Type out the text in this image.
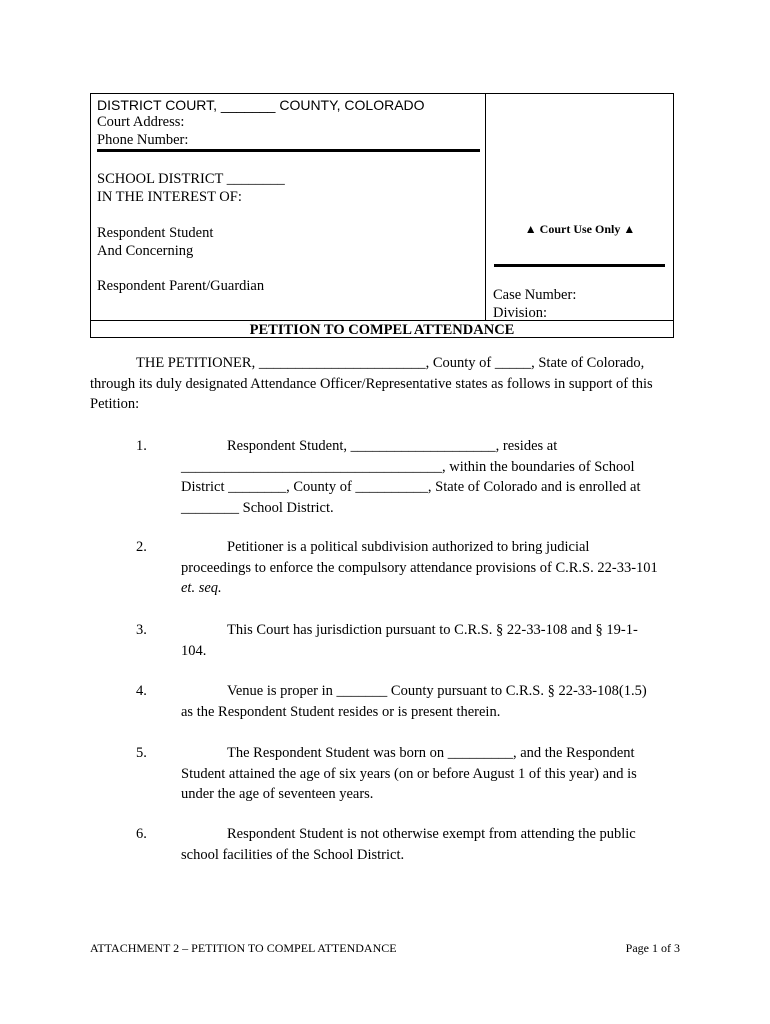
DISTRICT COURT, _______ COUNTY, COLORADO
Court Address:
Phone Number:
SCHOOL DISTRICT ________
IN THE INTEREST OF:
Respondent Student
And Concerning
Respondent Parent/Guardian
▲ Court Use Only ▲
Case Number:
Division:
PETITION TO COMPEL ATTENDANCE
THE PETITIONER, _______________________, County of _____, State of Colorado,
through its duly designated Attendance Officer/Representative states as follows in support of this
Petition:
1.	Respondent Student, ____________________, resides at
____________________________________, within the boundaries of School
District ________, County of __________, State of Colorado and is enrolled at
________ School District.
2.	Petitioner is a political subdivision authorized to bring judicial
proceedings to enforce the compulsory attendance provisions of C.R.S. 22-33-101
et. seq.
3.	This Court has jurisdiction pursuant to C.R.S. § 22-33-108 and § 19-1-
104.
4.	Venue is proper in _______ County pursuant to C.R.S. § 22-33-108(1.5)
as the Respondent Student resides or is present therein.
5.	The Respondent Student was born on _________, and the Respondent
Student attained the age of six years (on or before August 1 of this year) and is
under the age of seventeen years.
6.	Respondent Student is not otherwise exempt from attending the public
school facilities of the School District.
ATTACHMENT 2 – PETITION TO COMPEL ATTENDANCE	Page 1 of 3
